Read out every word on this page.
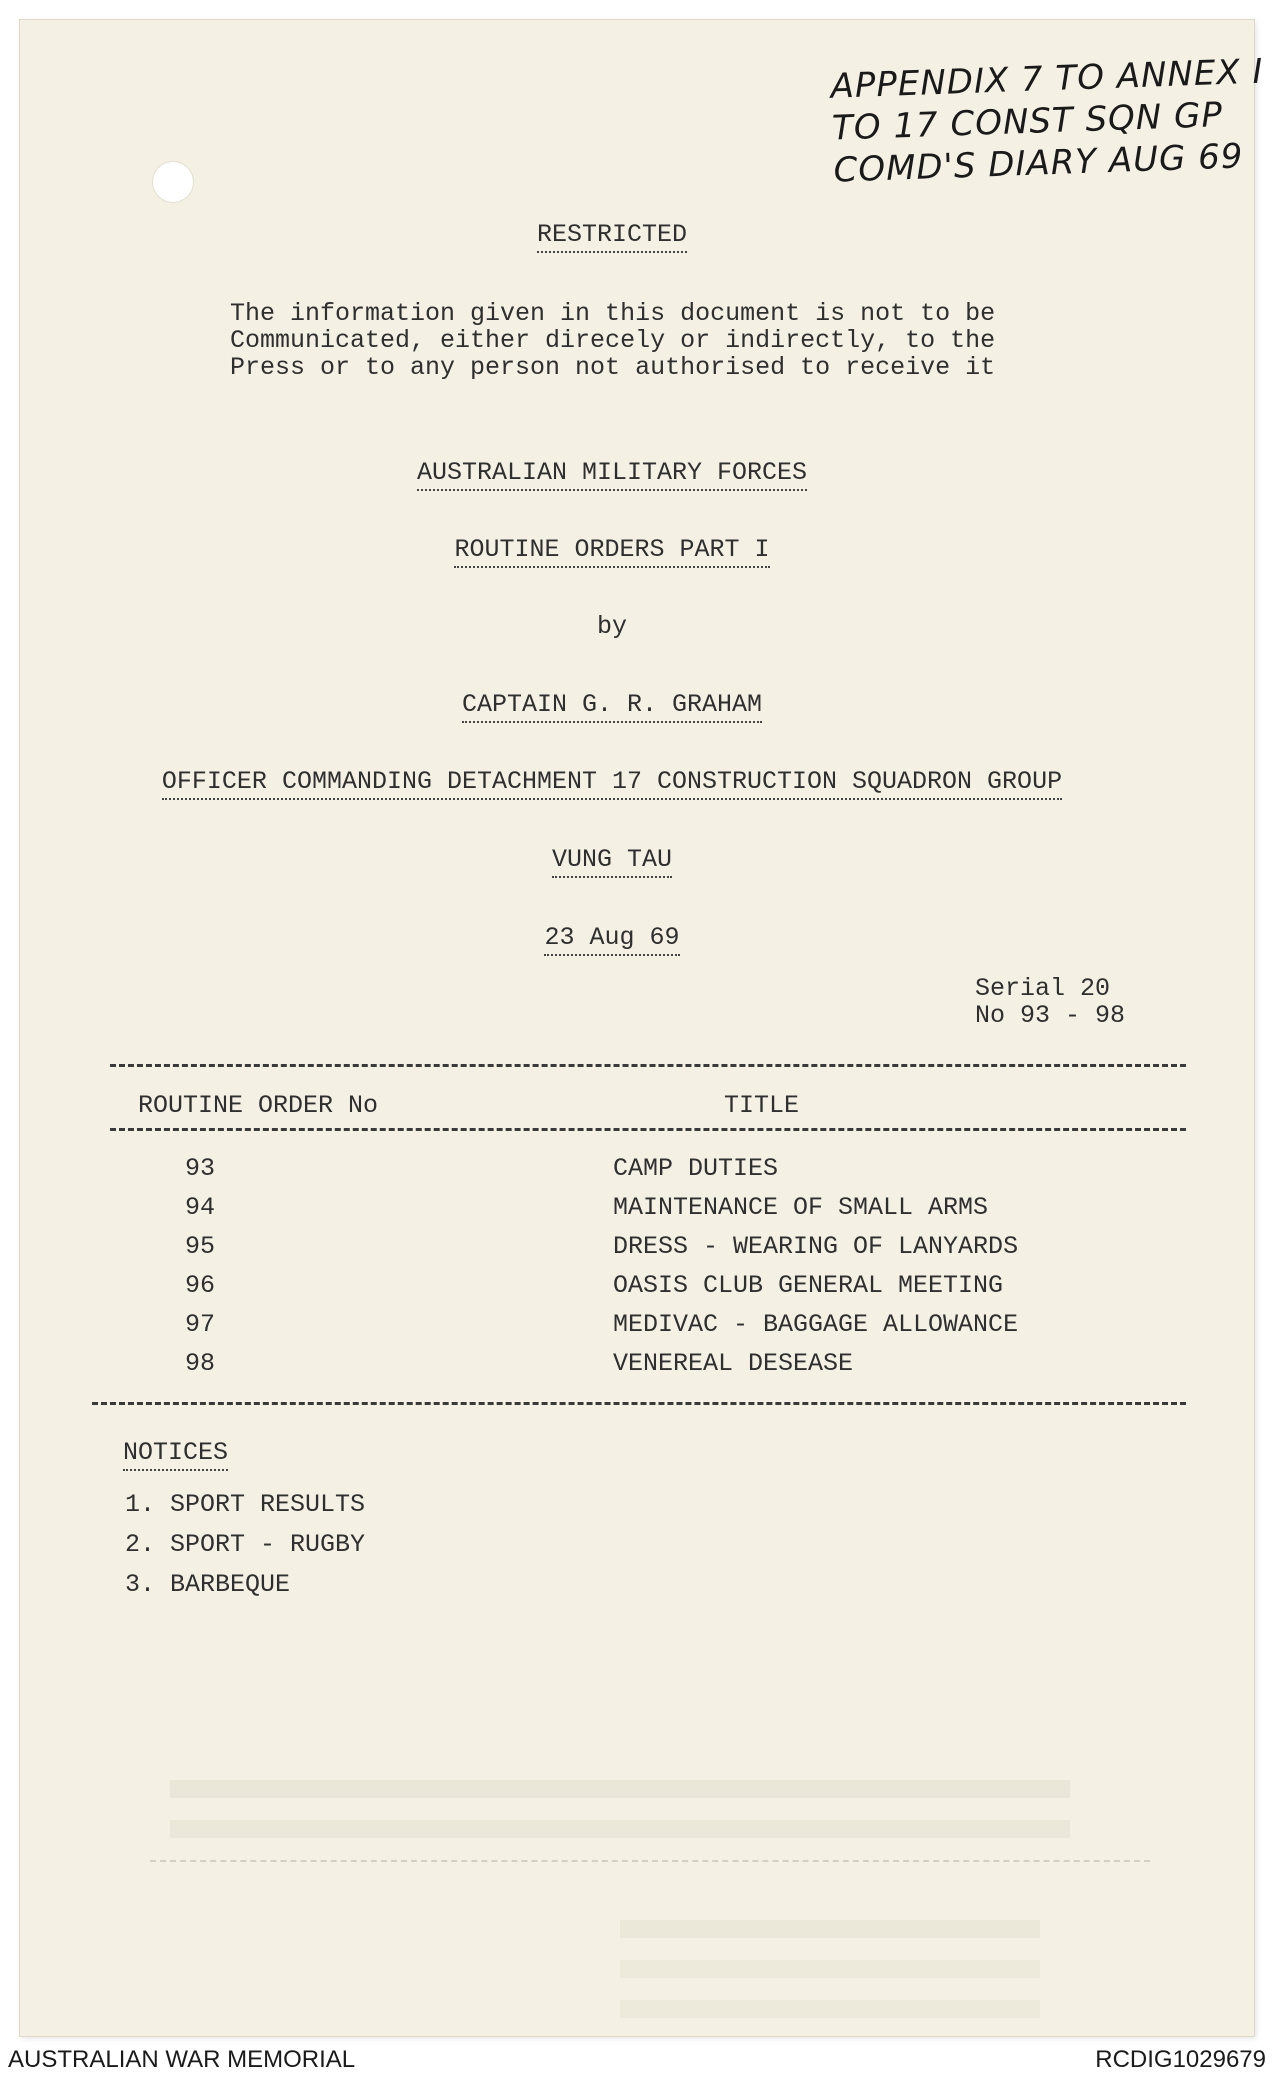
APPENDIX 7 TO ANNEX I
TO 17 CONST SQN GP
COMD'S DIARY AUG 69
RESTRICTED
The information given in this document is not to be
Communicated, either direcely or indirectly, to the
Press or to any person not authorised to receive it
AUSTRALIAN MILITARY FORCES
ROUTINE ORDERS PART I
by
CAPTAIN G. R. GRAHAM
OFFICER COMMANDING DETACHMENT 17 CONSTRUCTION SQUADRON GROUP
VUNG TAU
23 Aug 69
Serial 20
No 93 - 98
ROUTINE ORDER No	TITLE
93	CAMP DUTIES
94	MAINTENANCE OF SMALL ARMS
95	DRESS - WEARING OF LANYARDS
96	OASIS CLUB GENERAL MEETING
97	MEDIVAC - BAGGAGE ALLOWANCE
98	VENEREAL DESEASE
NOTICES
1. SPORT RESULTS
2. SPORT - RUGBY
3. BARBEQUE
AUSTRALIAN WAR MEMORIAL	RCDIG1029679
